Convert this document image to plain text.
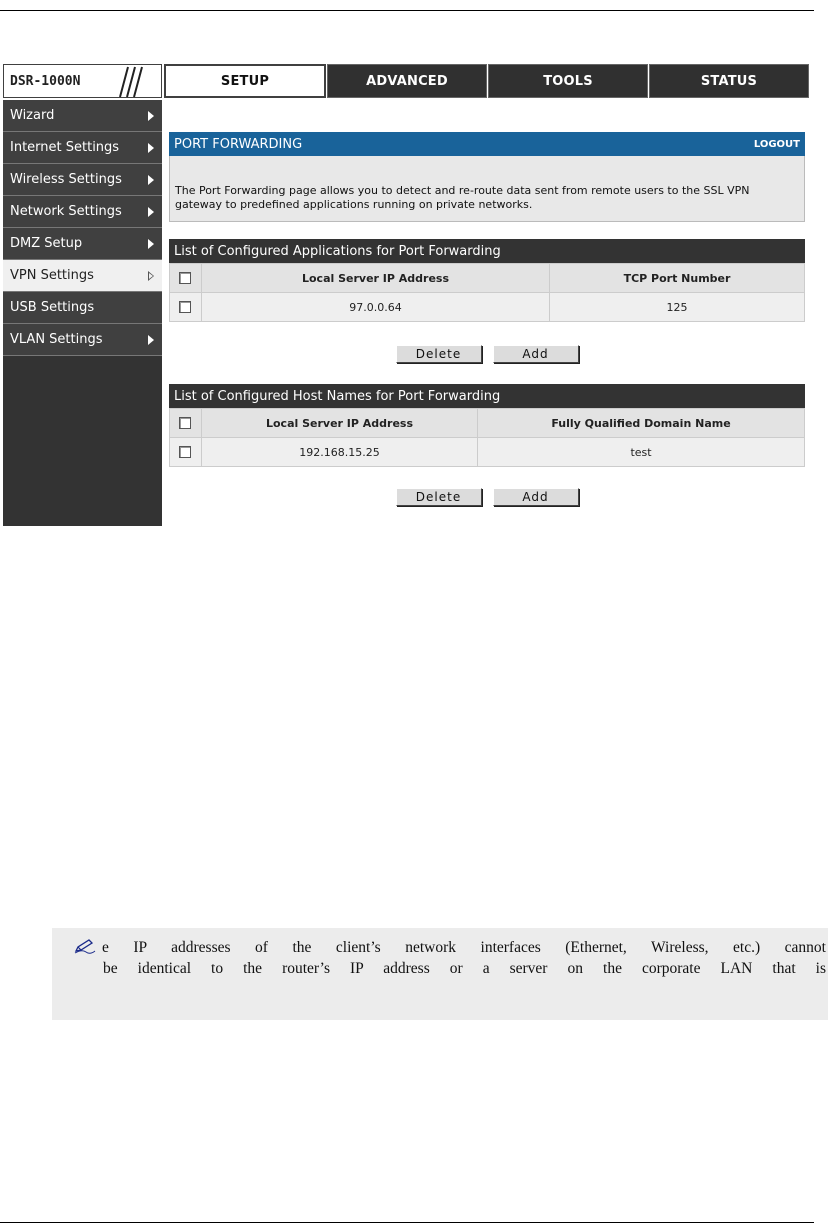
DSR-1000N	SETUP	ADVANCED	TOOLS	STATUS
Wizard
Internet Settings
Wireless Settings
Network Settings
DMZ Setup
VPN Settings
USB Settings
VLAN Settings
PORT FORWARDING	LOGOUT
The Port Forwarding page allows you to detect and re-route data sent from remote users to the SSL VPN gateway to predefined applications running on private networks.
List of Configured Applications for Port Forwarding
	Local Server IP Address	TCP Port Number

	97.0.0.64	125
Delete	Add
List of Configured Host Names for Port Forwarding
	Local Server IP Address	Fully Qualified Domain Name

	192.168.15.25	test
Delete	Add
e IP addresses of the client’s network interfaces (Ethernet, Wireless, etc.) cannot
be identical to the router’s IP address or a server on the corporate LAN that is
